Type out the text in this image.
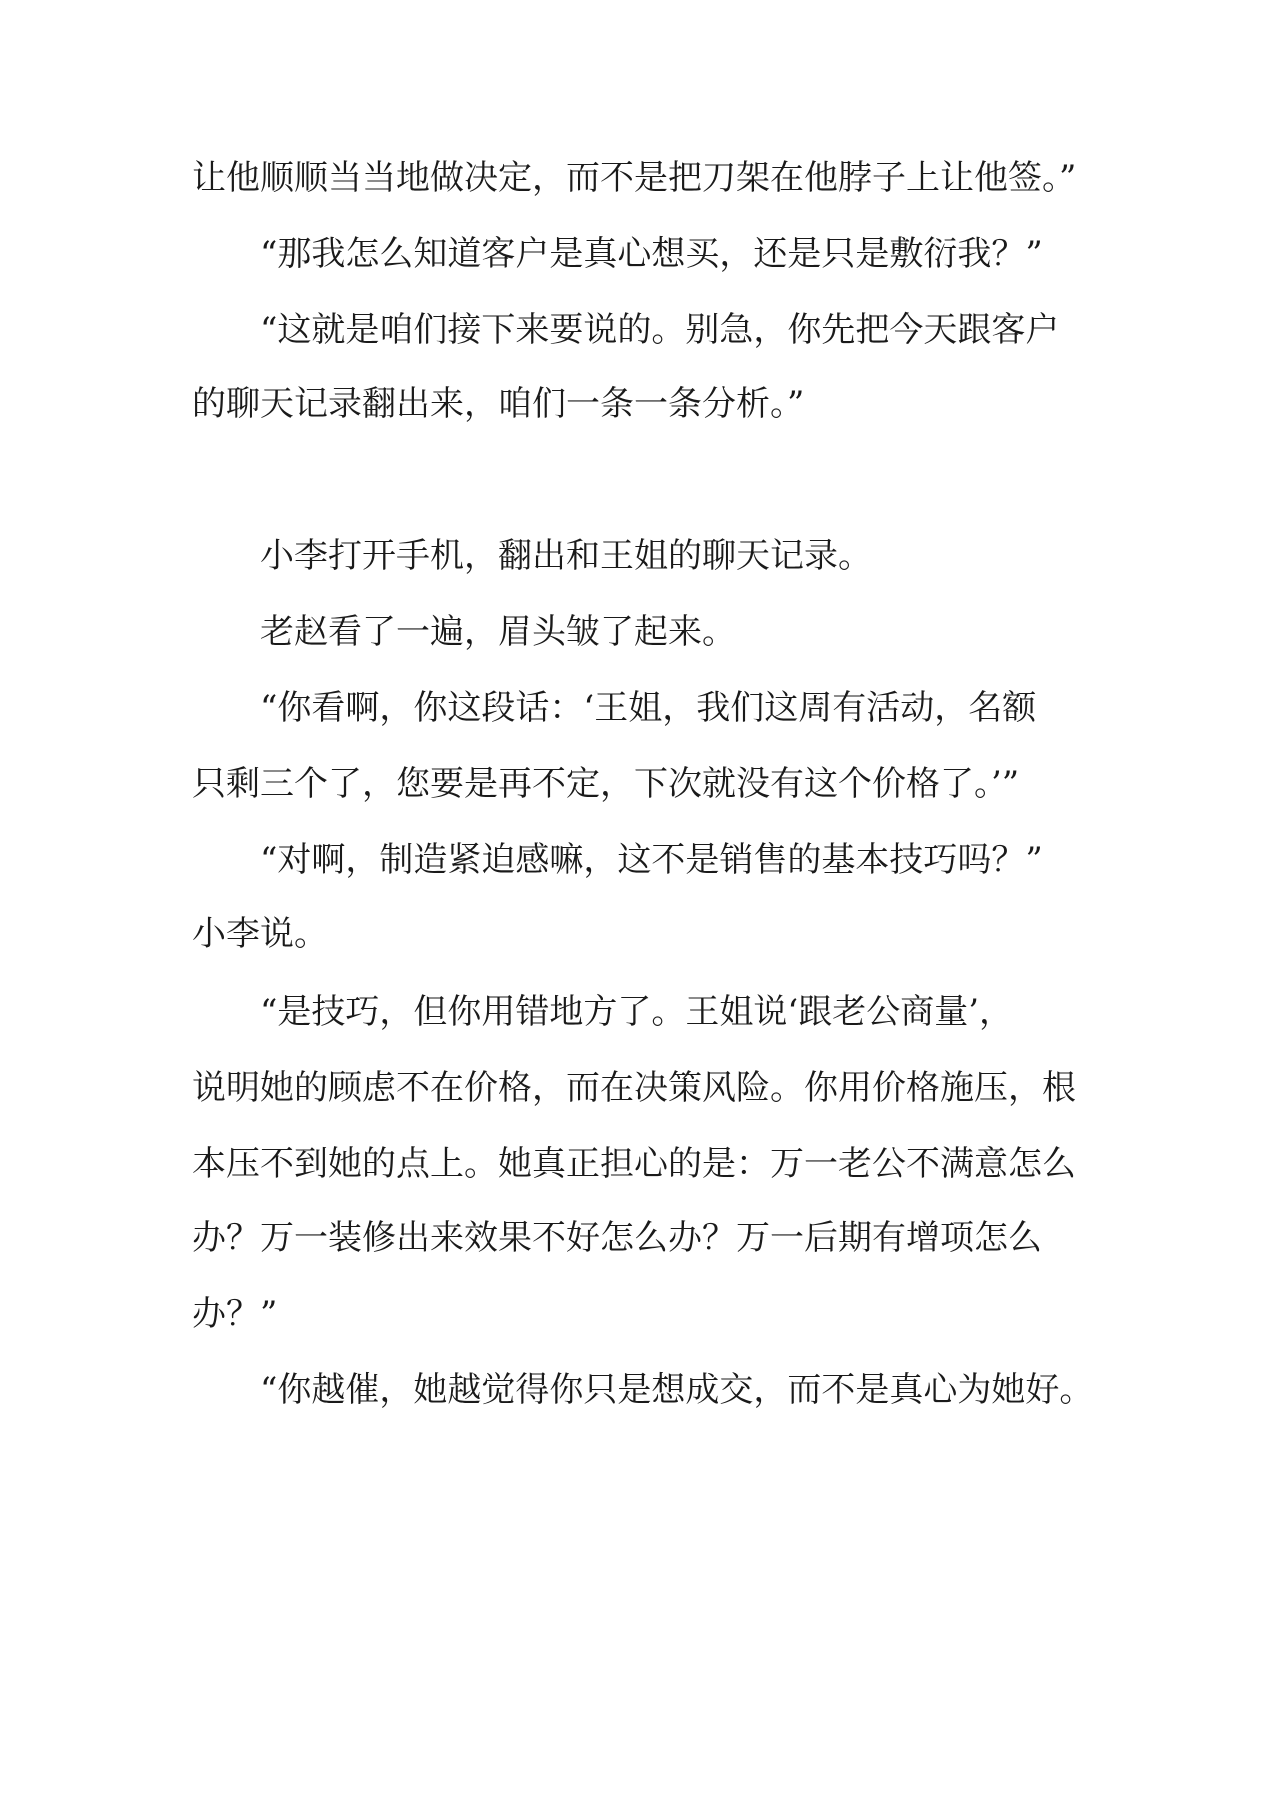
让他顺顺当当地做决定，而不是把刀架在他脖子上让他签。”

“那我怎么知道客户是真心想买，还是只是敷衍我？”

“这就是咱们接下来要说的。别急，你先把今天跟客户

的聊天记录翻出来，咱们一条一条分析。”

小李打开手机，翻出和王姐的聊天记录。

老赵看了一遍，眉头皱了起来。

“你看啊，你这段话：‘王姐，我们这周有活动，名额

只剩三个了，您要是再不定，下次就没有这个价格了。’”

“对啊，制造紧迫感嘛，这不是销售的基本技巧吗？”

小李说。

“是技巧，但你用错地方了。王姐说‘跟老公商量’，

说明她的顾虑不在价格，而在决策风险。你用价格施压，根

本压不到她的点上。她真正担心的是：万一老公不满意怎么

办？万一装修出来效果不好怎么办？万一后期有增项怎么

办？”

“你越催，她越觉得你只是想成交，而不是真心为她好。
